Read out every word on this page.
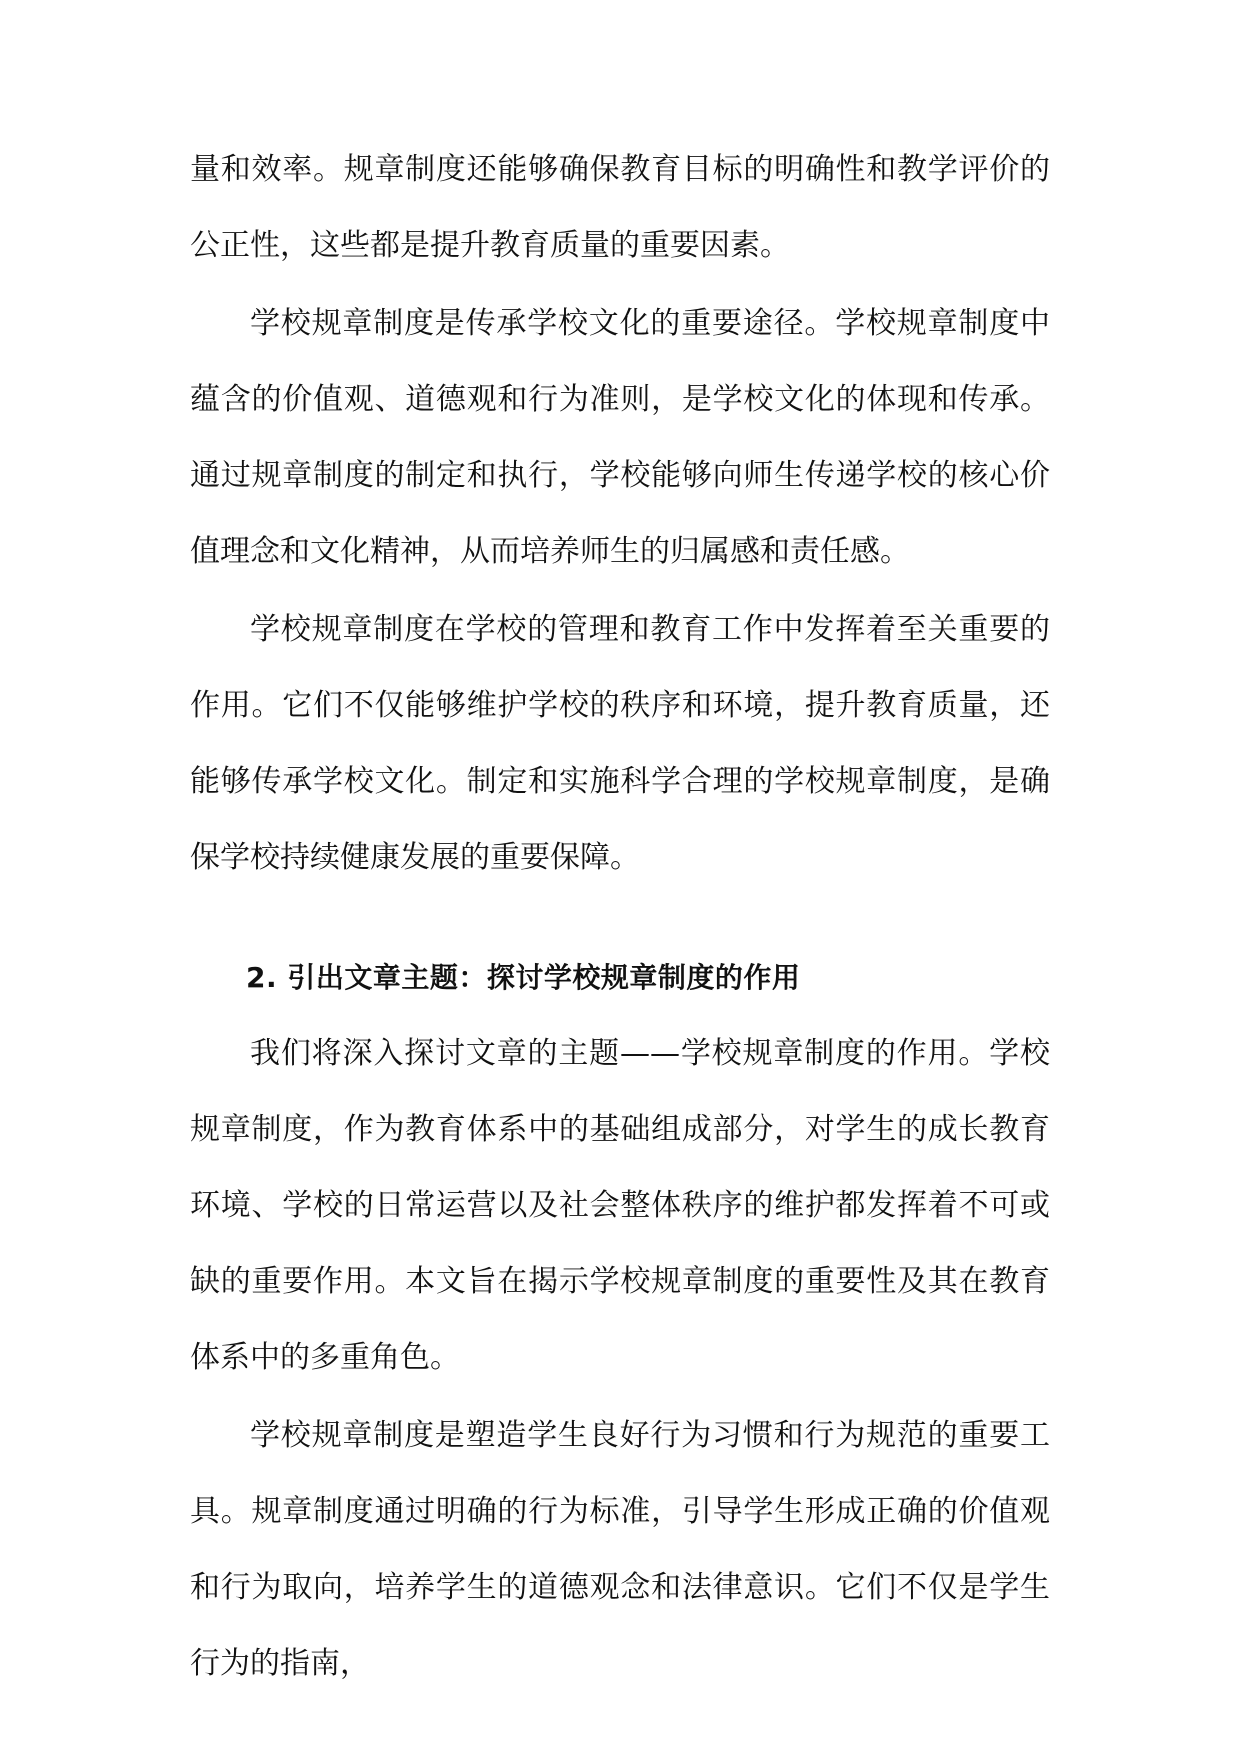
量和效率。规章制度还能够确保教育目标的明确性和教学评价的公正性，这些都是提升教育质量的重要因素。

学校规章制度是传承学校文化的重要途径。学校规章制度中蕴含的价值观、道德观和行为准则，是学校文化的体现和传承。通过规章制度的制定和执行，学校能够向师生传递学校的核心价值理念和文化精神，从而培养师生的归属感和责任感。

学校规章制度在学校的管理和教育工作中发挥着至关重要的作用。它们不仅能够维护学校的秩序和环境，提升教育质量，还能够传承学校文化。制定和实施科学合理的学校规章制度，是确保学校持续健康发展的重要保障。

2. 引出文章主题：探讨学校规章制度的作用

我们将深入探讨文章的主题——学校规章制度的作用。学校规章制度，作为教育体系中的基础组成部分，对学生的成长教育环境、学校的日常运营以及社会整体秩序的维护都发挥着不可或缺的重要作用。本文旨在揭示学校规章制度的重要性及其在教育体系中的多重角色。

学校规章制度是塑造学生良好行为习惯和行为规范的重要工具。规章制度通过明确的行为标准，引导学生形成正确的价值观和行为取向，培养学生的道德观念和法律意识。它们不仅是学生行为的指南，
